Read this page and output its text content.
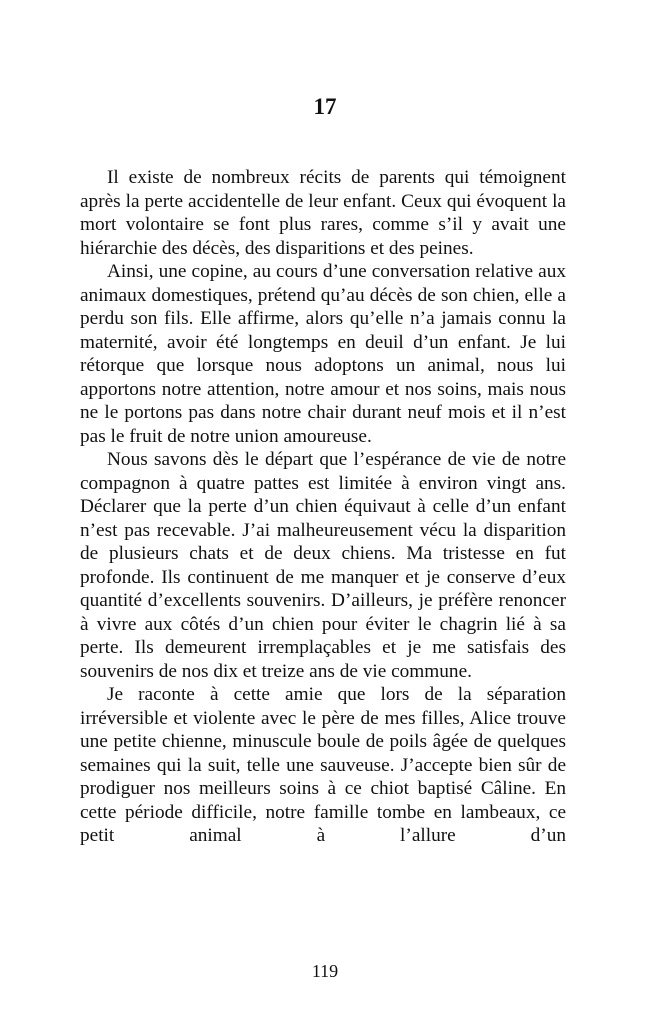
17

Il existe de nombreux récits de parents qui témoignent après la perte accidentelle de leur enfant. Ceux qui évoquent la mort volontaire se font plus rares, comme s’il y avait une hiérarchie des décès, des disparitions et des peines.

Ainsi, une copine, au cours d’une conversation relative aux animaux domestiques, prétend qu’au décès de son chien, elle a perdu son fils. Elle affirme, alors qu’elle n’a jamais connu la maternité, avoir été longtemps en deuil d’un enfant. Je lui rétorque que lorsque nous adoptons un animal, nous lui apportons notre attention, notre amour et nos soins, mais nous ne le portons pas dans notre chair durant neuf mois et il n’est pas le fruit de notre union amoureuse.

Nous savons dès le départ que l’espérance de vie de notre compagnon à quatre pattes est limitée à environ vingt ans. Déclarer que la perte d’un chien équivaut à celle d’un enfant n’est pas recevable. J’ai malheureusement vécu la disparition de plusieurs chats et de deux chiens. Ma tristesse en fut profonde. Ils continuent de me manquer et je conserve d’eux quantité d’excellents souvenirs. D’ailleurs, je préfère renoncer à vivre aux côtés d’un chien pour éviter le chagrin lié à sa perte. Ils demeurent irremplaçables et je me satisfais des souvenirs de nos dix et treize ans de vie commune.

Je raconte à cette amie que lors de la séparation irréversible et violente avec le père de mes filles, Alice trouve une petite chienne, minuscule boule de poils âgée de quelques semaines qui la suit, telle une sauveuse. J’accepte bien sûr de prodiguer nos meilleurs soins à ce chiot baptisé Câline. En cette période difficile, notre famille tombe en lambeaux, ce petit animal à l’allure d’un

119
